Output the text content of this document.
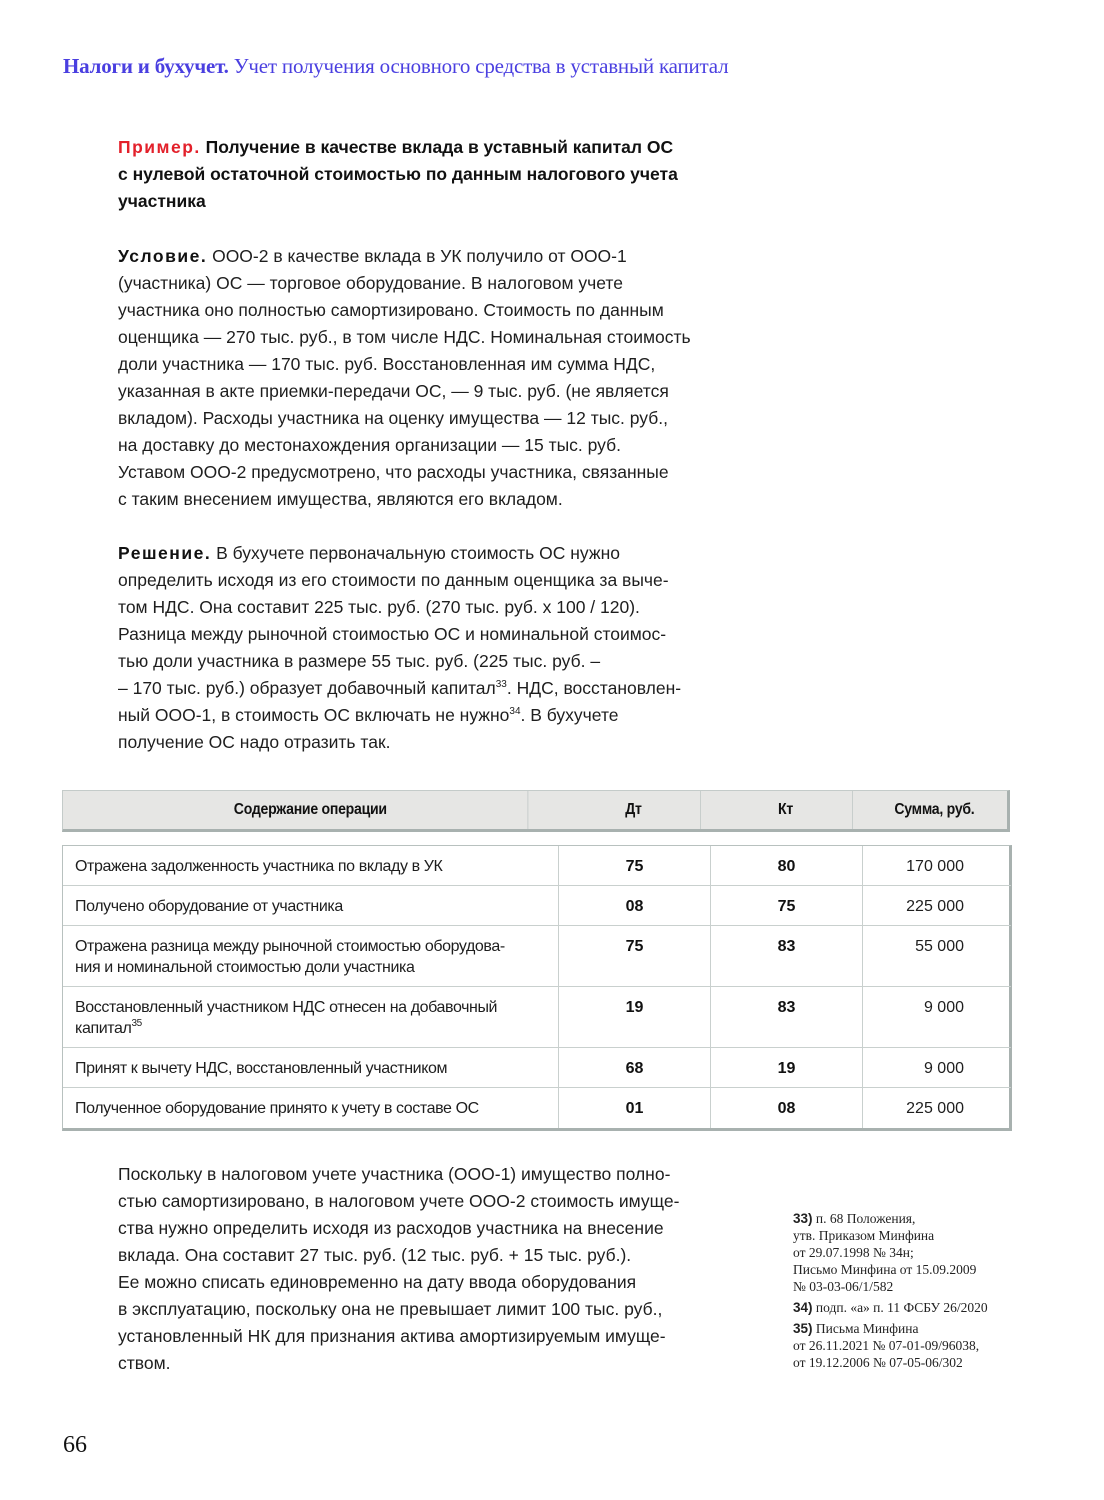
Налоги и бухучет. Учет получения основного средства в уставный капитал
Пример. Получение в качестве вклада в уставный капитал ОС
с нулевой остаточной стоимостью по данным налогового учета
участника
Условие. ООО-2 в качестве вклада в УК получило от ООО-1
(участника) ОС — торговое оборудование. В налоговом учете
участника оно полностью самортизировано. Стоимость по данным
оценщика — 270 тыс. руб., в том числе НДС. Номинальная стоимость
доли участника — 170 тыс. руб. Восстановленная им сумма НДС,
указанная в акте приемки-передачи ОС, — 9 тыс. руб. (не является
вкладом). Расходы участника на оценку имущества — 12 тыс. руб.,
на доставку до местонахождения организации — 15 тыс. руб.
Уставом ООО-2 предусмотрено, что расходы участника, связанные
с таким внесением имущества, являются его вкладом.
Решение. В бухучете первоначальную стоимость ОС нужно
определить исходя из его стоимости по данным оценщика за выче-
том НДС. Она составит 225 тыс. руб. (270 тыс. руб. x 100 / 120).
Разница между рыночной стоимостью ОС и номинальной стоимос-
тью доли участника в размере 55 тыс. руб. (225 тыс. руб. –
– 170 тыс. руб.) образует добавочный капитал$^{33}$. НДС, восстановлен-
ный ООО-1, в стоимость ОС включать не нужно$^{34}$. В бухучете
получение ОС надо отразить так.
Содержание операции	Дт	Кт	Сумма, руб.
Отражена задолженность участника по вкладу в УК	75	80	170 000
Получено оборудование от участника	08	75	225 000
Отражена разница между рыночной стоимостью оборудова-
ния и номинальной стоимостью доли участника
75	83	55 000
Восстановленный участником НДС отнесен на добавочный
капитал$^{35}$
19	83	9 000
Принят к вычету НДС, восстановленный участником	68	19	9 000
Полученное оборудование принято к учету в составе ОС	01	08	225 000
Поскольку в налоговом учете участника (ООО-1) имущество полно-
стью самортизировано, в налоговом учете ООО-2 стоимость имуще-
ства нужно определить исходя из расходов участника на внесение
вклада. Она составит 27 тыс. руб. (12 тыс. руб. + 15 тыс. руб.).
Ее можно списать единовременно на дату ввода оборудования
в эксплуатацию, поскольку она не превышает лимит 100 тыс. руб.,
установленный НК для признания актива амортизируемым имуще-
ством.
33) п. 68 Положения,
утв. Приказом Минфина
от 29.07.1998 № 34н;
Письмо Минфина от 15.09.2009
№ 03-03-06/1/582
34) подп. «а» п. 11 ФСБУ 26/2020
35) Письма Минфина
от 26.11.2021 № 07-01-09/96038,
от 19.12.2006 № 07-05-06/302
66
